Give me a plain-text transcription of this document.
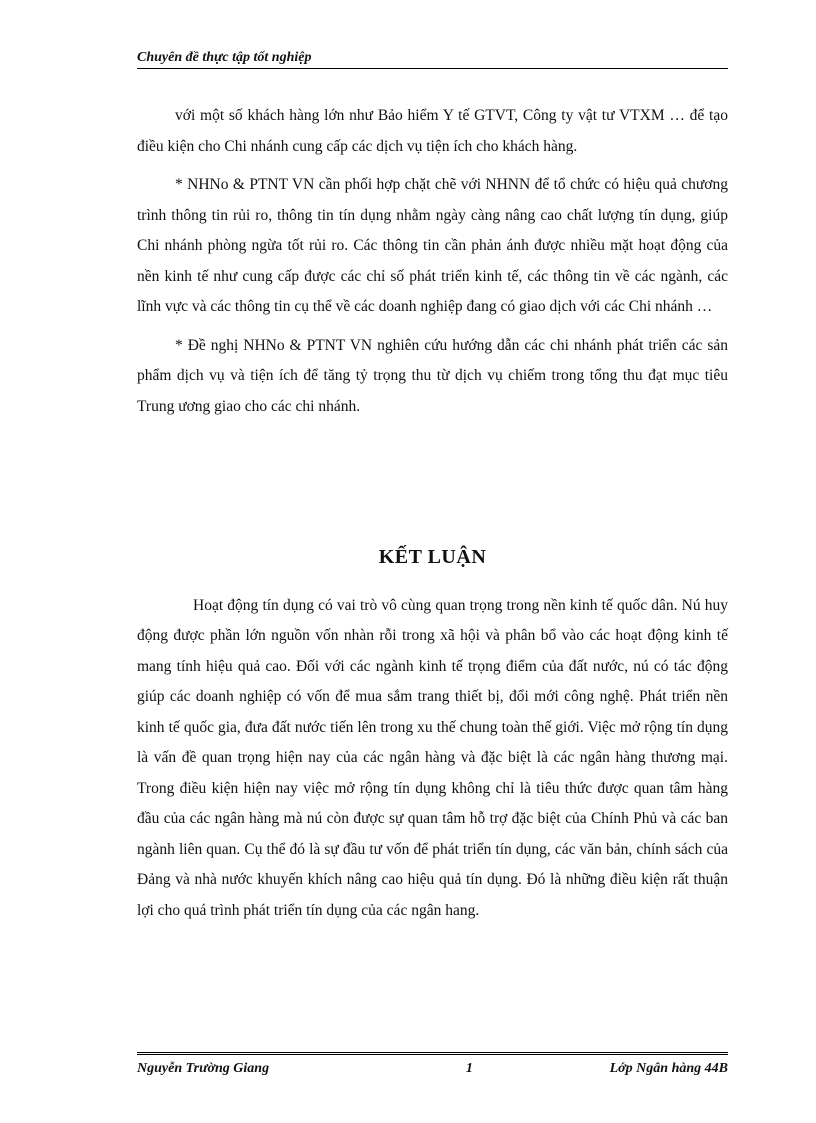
Chuyên đề thực tập tốt nghiệp

với một số khách hàng lớn như Bảo hiểm Y tế GTVT, Công ty vật tư VTXM … để tạo điều kiện cho Chi nhánh cung cấp các dịch vụ tiện ích cho khách hàng.

* NHNo & PTNT VN cần phối hợp chặt chẽ với NHNN để tổ chức có hiệu quả chương trình thông tin rủi ro, thông tin tín dụng nhằm ngày càng nâng cao chất lượng tín dụng, giúp Chi nhánh phòng ngừa tốt rủi ro. Các thông tin cần phản ánh được nhiều mặt hoạt động của nền kinh tế như cung cấp được các chỉ số phát triển kinh tế, các thông tin về các ngành, các lĩnh vực và các thông tin cụ thể về các doanh nghiệp đang có giao dịch với các Chi nhánh …

* Đề nghị NHNo & PTNT VN nghiên cứu hướng dẫn các chi nhánh phát triển các sản phẩm dịch vụ và tiện ích để tăng tỷ trọng thu từ dịch vụ chiếm trong tổng thu đạt mục tiêu Trung ương giao cho các chi nhánh.

KẾT LUẬN

Hoạt động tín dụng có vai trò vô cùng quan trọng trong nền kinh tế quốc dân. Nú huy động được phần lớn nguồn vốn nhàn rỗi trong xã hội và phân bổ vào các hoạt động kinh tế mang tính hiệu quả cao. Đối với các ngành kinh tế trọng điểm của đất nước, nú có tác động giúp các doanh nghiệp có vốn để mua sắm trang thiết bị, đổi mới công nghệ. Phát triển nền kinh tế quốc gia, đưa đất nước tiến lên trong xu thế chung toàn thế giới. Việc mở rộng tín dụng là vấn đề quan trọng hiện nay của các ngân hàng và đặc biệt là các ngân hàng thương mại. Trong điều kiện hiện nay việc mở rộng tín dụng không chỉ là tiêu thức được quan tâm hàng đầu của các ngân hàng mà nú còn được sự quan tâm hỗ trợ đặc biệt của Chính Phủ và các ban ngành liên quan. Cụ thể đó là sự đầu tư vốn để phát triển tín dụng, các văn bản, chính sách của Đảng và nhà nước khuyến khích nâng cao hiệu quả tín dụng. Đó là những điều kiện rất thuận lợi cho quá trình phát triển tín dụng của các ngân hang.

Nguyễn Trường Giang	1	Lớp Ngân hàng 44B
